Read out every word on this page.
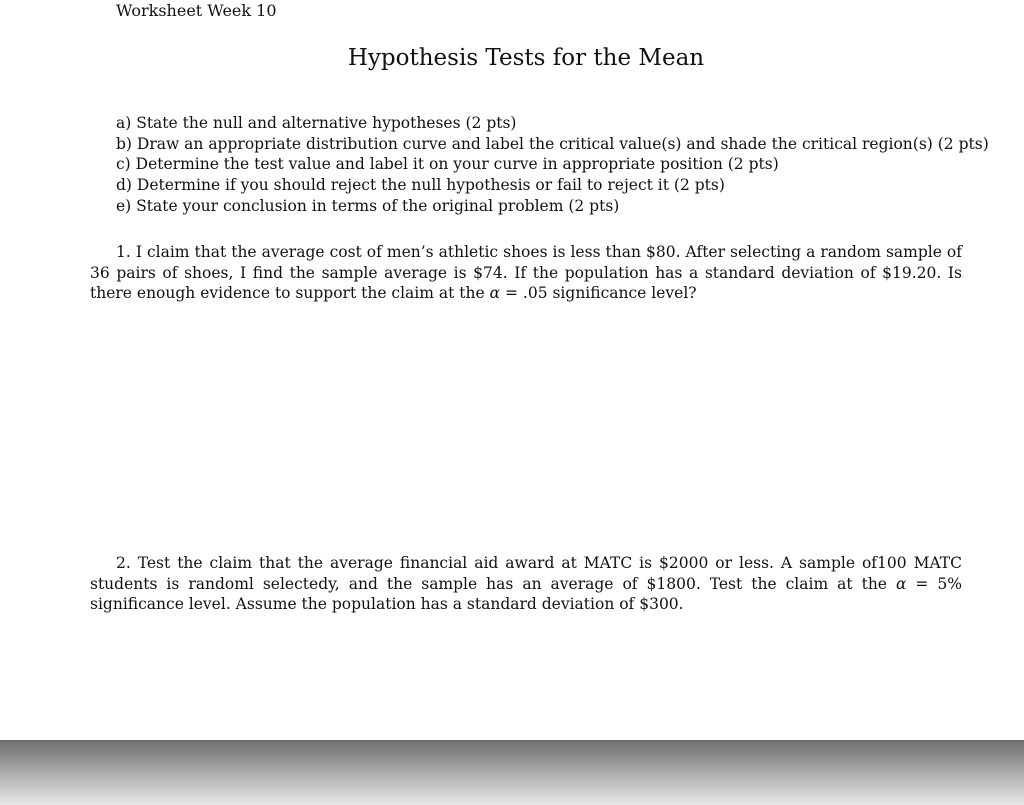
Worksheet Week 10
Hypothesis Tests for the Mean
a) State the null and alternative hypotheses (2 pts)
b) Draw an appropriate distribution curve and label the critical value(s) and shade the critical region(s) (2 pts)
c) Determine the test value and label it on your curve in appropriate position (2 pts)
d) Determine if you should reject the null hypothesis or fail to reject it (2 pts)
e) State your conclusion in terms of the original problem (2 pts)

1. I claim that the average cost of men’s athletic shoes is less than $80. After selecting a random sample of 36 pairs of shoes, I find the sample average is $74. If the population has a standard deviation of $19.20. Is there enough evidence to support the claim at the α = .05 significance level?

2. Test the claim that the average financial aid award at MATC is $2000 or less. A sample of100 MATC students is randoml selectedy, and the sample has an average of $1800. Test the claim at the α = 5% significance level. Assume the population has a standard deviation of $300.
